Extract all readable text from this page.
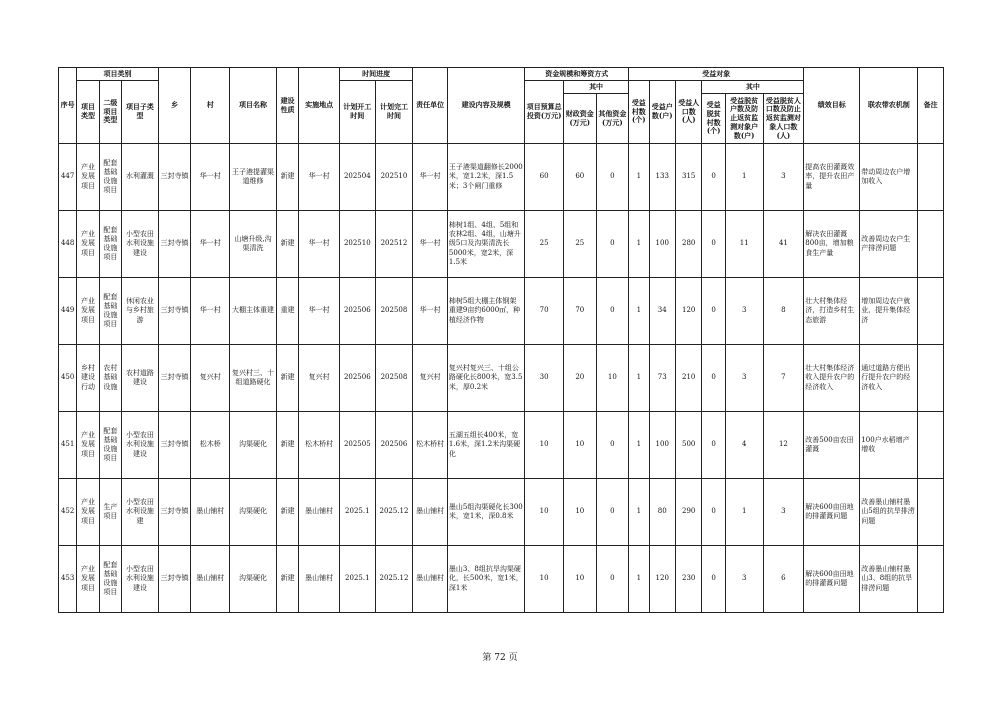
序号	项目类别			乡	村	项目名称	建设性质	实施地点	时间进度		责任单位	建设内容及规模	资金规模和筹资方式			受益对象						绩效目标	联农带农机制	备注
	项目类型	二级项目类型	项目子类型						计划开工时间	计划完工时间			项目预算总投资(万元)	其中		受益村数(个)	受益户数(户)	受益人口数(人)	其中					
														财政资金(万元)	其他资金(万元)				受益脱贫村数(个)	受益脱贫户数及防止返贫监测对象户数(户)	受益脱贫人口数及防止返贫监测对象人口数(人)			
447	产业发展项目	配套基础设施项目	水利灌溉	三封寺镇	华一村	王子港提灌渠道维修	新建	华一村	202504	202510	华一村	王子港渠道翻修长2000米，宽1.2米，深1.5米；3个闸门重修	60	60	0	1	133	315	0	1	3	提高农田灌溉效率，提升农田产量	带动周边农户增加收入	
448	产业发展项目	配套基础设施项目	小型农田水利设施建设	三封寺镇	华一村	山塘升级,沟渠清洗	新建	华一村	202510	202512	华一村	柿树1组、4组、5组和农林2组、4组，山塘升级5口及沟渠清洗长5000米，宽2米，深1.5米	25	25	0	1	100	280	0	11	41	解决农田灌溉800亩，增加粮食生产量	改善周边农户生产排涝问题	
449	产业发展项目	配套基础设施项目	休闲农业与乡村旅游	三封寺镇	华一村	大棚主体重建	重建	华一村	202506	202508	华一村	柿树5组大棚主体钢架重建9亩约6000㎡，种植经济作物	70	70	0	1	34	120	0	3	8	壮大村集体经济，打造乡村生态旅游	增加周边农户就业，提升集体经济	
450	乡村建设行动	农村基础设施	农村道路建设	三封寺镇	复兴村	复兴村三、十组道路硬化	新建	复兴村	202506	202508	复兴村	复兴村复兴三、十组公路硬化长800米，宽3.5米，厚0.2米	30	20	10	1	73	210	0	3	7	壮大村集体经济收入提升农户的经济收入	通过道路方便出行提升农户的经济收入	
451	产业发展项目	配套基础设施项目	小型农田水利设施建设	三封寺镇	松木桥	沟渠硬化	新建	松木桥村	202505	202506	松木桥村	五湖五组长400米，宽1.6米，深1.2米沟渠硬化	10	10	0	1	100	500	0	4	12	改善500亩农田灌溉	100户水稻增产增收	
452	产业发展项目	生产项目	小型农田水利设施建	三封寺镇	墨山铺村	沟渠硬化	新建	墨山铺村	2025.1	2025.12	墨山铺村	墨山5组沟渠硬化长300米，宽1米，深0.8米	10	10	0	1	80	290	0	1	3	解决600亩田地的排灌溉问题	改善墨山铺村墨山5组的抗旱排涝问题	
453	产业发展项目	配套基础设施项目	小型农田水利设施建设	三封寺镇	墨山铺村	沟渠硬化	新建	墨山铺村	2025.1	2025.12	墨山铺村	墨山3、8组抗旱沟渠硬化，长500米，宽1米，深1米	10	10	0	1	120	230	0	3	6	解决600亩田地的排灌溉问题	改善墨山铺村墨山3、8组的抗旱排涝问题	
第 72 页
